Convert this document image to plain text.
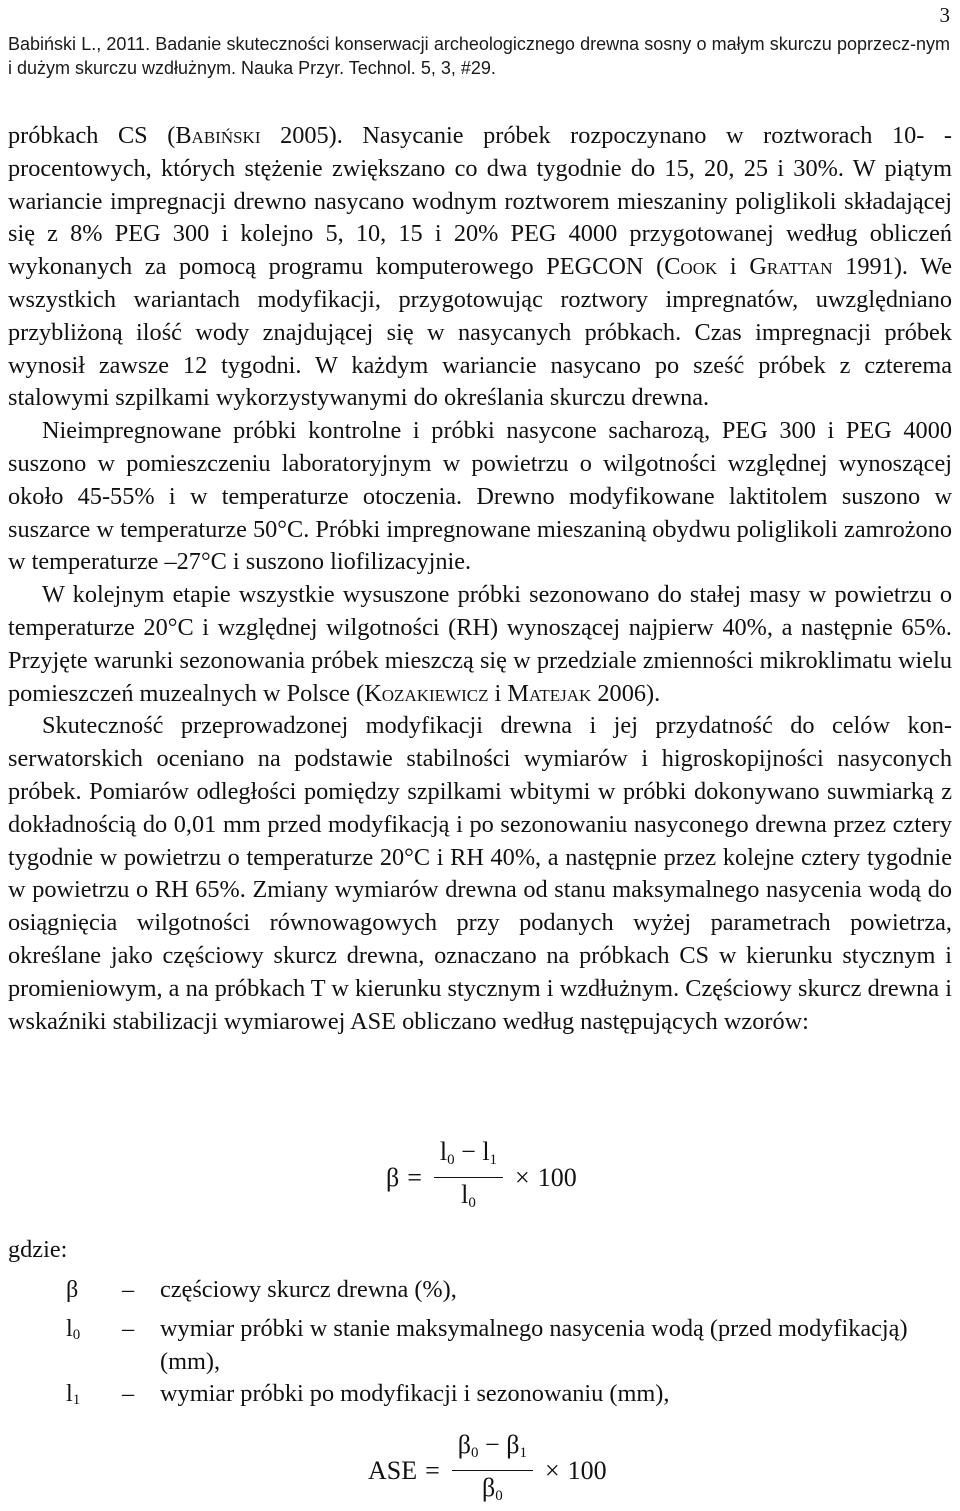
3
Babiński L., 2011. Badanie skuteczności konserwacji archeologicznego drewna sosny o małym skurczu poprzecz-nym i dużym skurczu wzdłużnym. Nauka Przyr. Technol. 5, 3, #29.

próbkach CS (Babiński 2005). Nasycanie próbek rozpoczynano w roztworach 10- -procentowych, których stężenie zwiększano co dwa tygodnie do 15, 20, 25 i 30%. W piątym wariancie impregnacji drewno nasycano wodnym roztworem mieszaniny poliglikoli składającej się z 8% PEG 300 i kolejno 5, 10, 15 i 20% PEG 4000 przygotowanej według obliczeń wykonanych za pomocą programu komputerowego PEGCON (Cook i Grattan 1991). We wszystkich wariantach modyfikacji, przygotowując roztwory impregnatów, uwzględniano przybliżoną ilość wody znajdującej się w nasycanych próbkach. Czas impregnacji próbek wynosił zawsze 12 tygodni. W każdym wariancie nasycano po sześć próbek z czterema stalowymi szpilkami wykorzystywanymi do określania skurczu drewna.

Nieimpregnowane próbki kontrolne i próbki nasycone sacharozą, PEG 300 i PEG 4000 suszono w pomieszczeniu laboratoryjnym w powietrzu o wilgotności względnej wynoszącej około 45-55% i w temperaturze otoczenia. Drewno modyfikowane laktitolem suszono w suszarce w temperaturze 50°C. Próbki impregnowane mieszaniną obydwu poliglikoli zamrożono w temperaturze –27°C i suszono liofilizacyjnie.

W kolejnym etapie wszystkie wysuszone próbki sezonowano do stałej masy w powietrzu o temperaturze 20°C i względnej wilgotności (RH) wynoszącej najpierw 40%, a następnie 65%. Przyjęte warunki sezonowania próbek mieszczą się w przedziale zmienności mikroklimatu wielu pomieszczeń muzealnych w Polsce (Kozakiewicz i Matejak 2006).

Skuteczność przeprowadzonej modyfikacji drewna i jej przydatność do celów konserwatorskich oceniano na podstawie stabilności wymiarów i higroskopijności nasyconych próbek. Pomiarów odległości pomiędzy szpilkami wbitymi w próbki dokonywano suwmiarką z dokładnością do 0,01 mm przed modyfikacją i po sezonowaniu nasyconego drewna przez cztery tygodnie w powietrzu o temperaturze 20°C i RH 40%, a następnie przez kolejne cztery tygodnie w powietrzu o RH 65%. Zmiany wymiarów drewna od stanu maksymalnego nasycenia wodą do osiągnięcia wilgotności równowagowych przy podanych wyżej parametrach powietrza, określane jako częściowy skurcz drewna, oznaczano na próbkach CS w kierunku stycznym i promieniowym, a na próbkach T w kierunku stycznym i wzdłużnym. Częściowy skurcz drewna i wskaźniki stabilizacji wymiarowej ASE obliczano według następujących wzorów:

$\beta = \frac{l_0 - l_1}{l_0} \times 100$
gdzie:
β	–	częściowy skurcz drewna (%),
$l_0$	–	wymiar próbki w stanie maksymalnego nasycenia wodą (przed modyfikacją) (mm),
$l_1$	–	wymiar próbki po modyfikacji i sezonowaniu (mm),
ASE = $\frac{\beta_0 - \beta_1}{\beta_0} \times 100$
